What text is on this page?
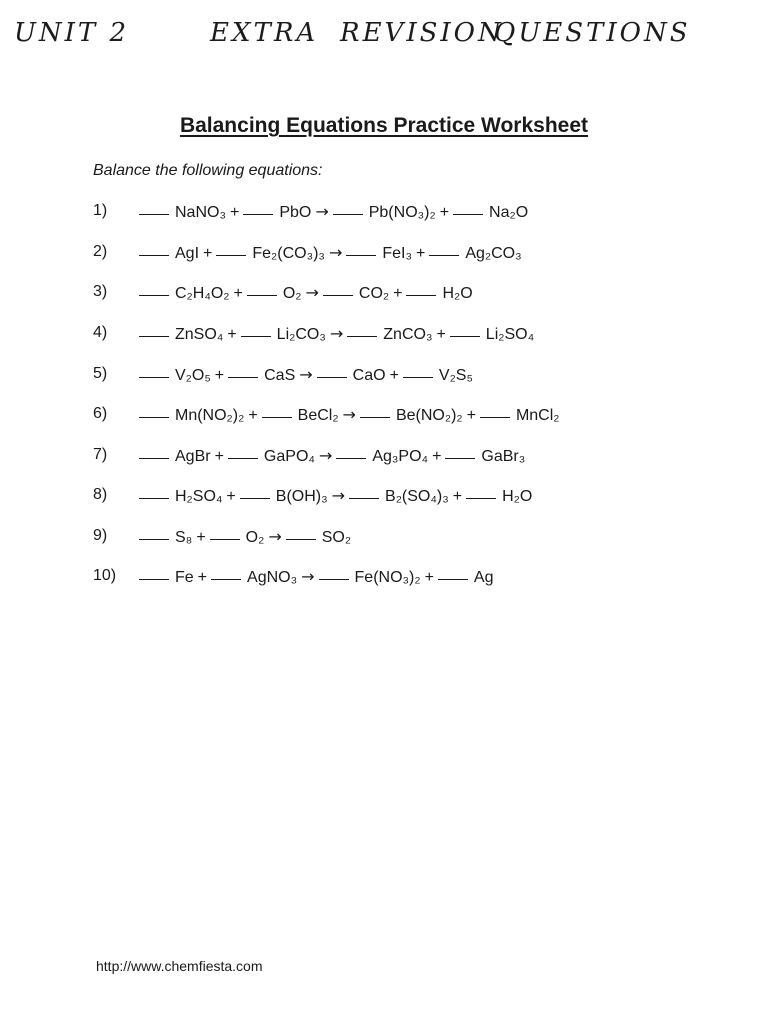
UNIT 2	EXTRA REVISION
QUESTIONS
Balancing Equations Practice Worksheet
Balance the following equations:
1)	NaNO₃ +	PbO →	Pb(NO₃)₂ +	Na₂O
2)	AgI +	Fe₂(CO₃)₃ →	FeI₃ +	Ag₂CO₃
3)	C₂H₄O₂ +	O₂ →	CO₂ +	H₂O
4)	ZnSO₄ +	Li₂CO₃ →	ZnCO₃ +	Li₂SO₄
5)	V₂O₅ +	CaS →	CaO +	V₂S₅
6)	Mn(NO₂)₂ +	BeCl₂ →	Be(NO₂)₂ +	MnCl₂
7)	AgBr +	GaPO₄ →	Ag₃PO₄ +	GaBr₃
8)	H₂SO₄ +	B(OH)₃ →	B₂(SO₄)₃ +	H₂O
9)	S₈ +	O₂ →	SO₂
10)	Fe +	AgNO₃ →	Fe(NO₃)₂ +	Ag
http://www.chemfiesta.com
